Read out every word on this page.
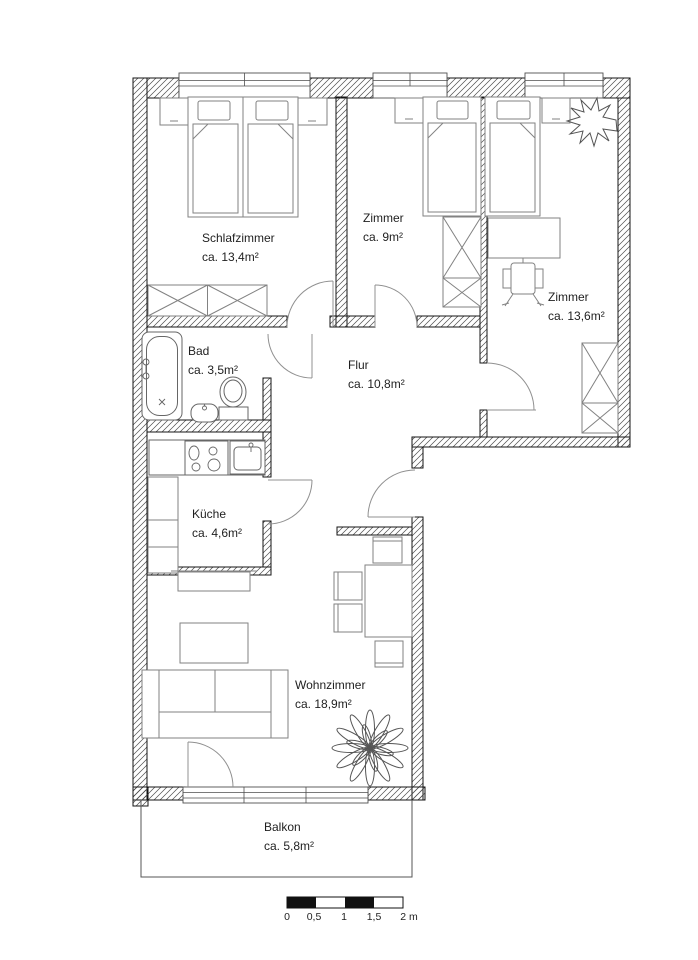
Schlafzimmer
ca. 13,4m²
Zimmer
ca. 9m²
Zimmer
ca. 13,6m²
Bad
ca. 3,5m²	Flur
ca. 10,8m²
Küche
ca. 4,6m²
Wohnzimmer
ca. 18,9m²
Balkon
ca. 5,8m²
0 0,5 1 1,5 2 m
